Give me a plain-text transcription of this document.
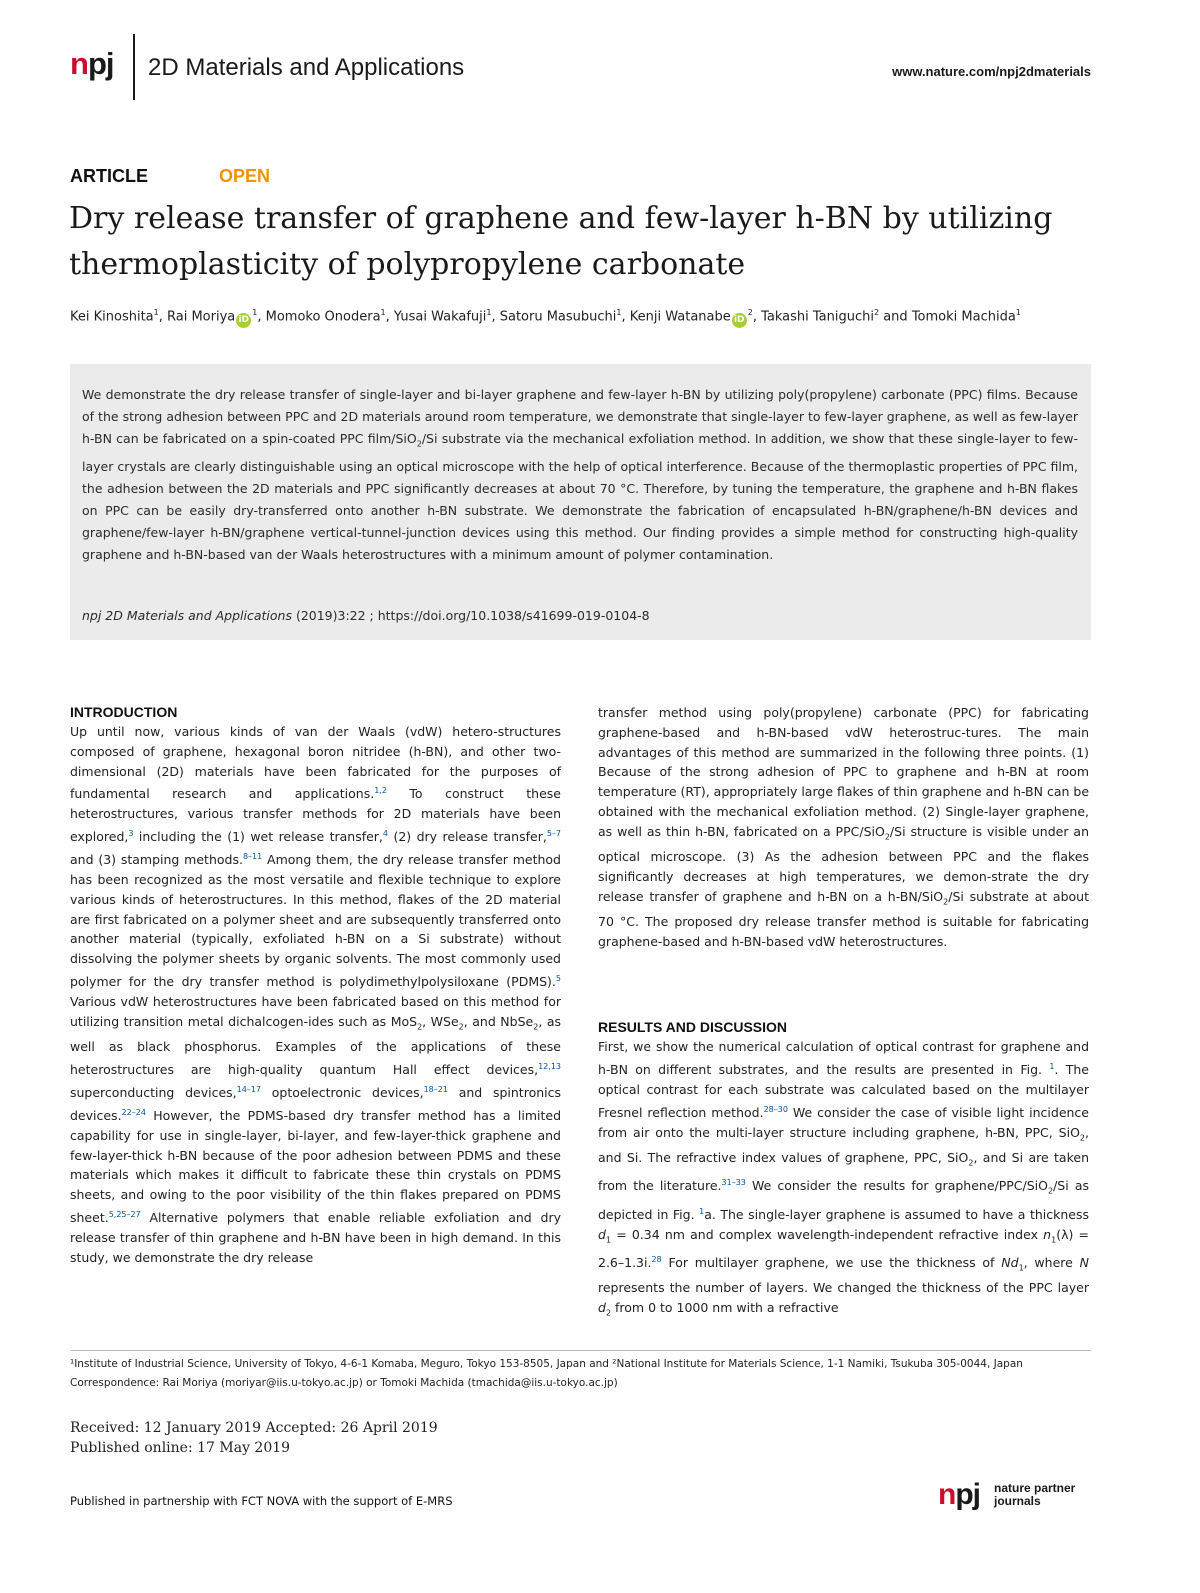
npj 2D Materials and Applications	www.nature.com/npj2dmaterials
ARTICLE	OPEN
Dry release transfer of graphene and few-layer h-BN by utilizing thermoplasticity of polypropylene carbonate
Kei Kinoshita$^1$, Rai Moriya $iD^1$, Momoko Onodera$^1$, Yusai Wakafuji$^1$, Satoru Masubuchi$^1$, Kenji Watanabe $iD^2$, Takashi Taniguchi$^2$ and Tomoki Machida$^1$

We demonstrate the dry release transfer of single-layer and bi-layer graphene and few-layer h-BN by utilizing poly(propylene) carbonate (PPC) films. Because of the strong adhesion between PPC and 2D materials around room temperature, we demonstrate that single-layer to few-layer graphene, as well as few-layer h-BN can be fabricated on a spin-coated PPC film/SiO$_2$/Si substrate via the mechanical exfoliation method. In addition, we show that these single-layer to few-layer crystals are clearly distinguishable using an optical microscope with the help of optical interference. Because of the thermoplastic properties of PPC film, the adhesion between the 2D materials and PPC significantly decreases at about 70 °C. Therefore, by tuning the temperature, the graphene and h-BN flakes on PPC can be easily dry-transferred onto another h-BN substrate. We demonstrate the fabrication of encapsulated h-BN/graphene/h-BN devices and graphene/few-layer h-BN/graphene vertical-tunnel-junction devices using this method. Our finding provides a simple method for constructing high-quality graphene and h-BN-based van der Waals heterostructures with a minimum amount of polymer contamination.

npj 2D Materials and Applications (2019)3:22 ; https://doi.org/10.1038/s41699-019-0104-8
INTRODUCTION

Up until now, various kinds of van der Waals (vdW) hetero-structures composed of graphene, hexagonal boron nitridee (h-BN), and other two-dimensional (2D) materials have been fabricated for the purposes of fundamental research and applications.$^{1,2}$ To construct these heterostructures, various transfer methods for 2D materials have been explored,$^3$ including the (1) wet release transfer,$^4$ (2) dry release transfer,$^{5-7}$ and (3) stamping methods.$^{8-11}$ Among them, the dry release transfer method has been recognized as the most versatile and flexible technique to explore various kinds of heterostructures. In this method, flakes of the 2D material are first fabricated on a polymer sheet and are subsequently transferred onto another material (typically, exfoliated h-BN on a Si substrate) without dissolving the polymer sheets by organic solvents. The most commonly used polymer for the dry transfer method is polydimethylpolysiloxane (PDMS).$^5$ Various vdW heterostructures have been fabricated based on this method for utilizing transition metal dichalcogen-ides such as MoS$_2$, WSe$_2$, and NbSe$_2$, as well as black phosphorus. Examples of the applications of these heterostructures are high-quality quantum Hall effect devices,$^{12,13}$ superconducting devices,$^{14-17}$ optoelectronic devices,$^{18-21}$ and spintronics devices.$^{22-24}$ However, the PDMS-based dry transfer method has a limited capability for use in single-layer, bi-layer, and few-layer-thick graphene and few-layer-thick h-BN because of the poor adhesion between PDMS and these materials which makes it difficult to fabricate these thin crystals on PDMS sheets, and owing to the poor visibility of the thin flakes prepared on PDMS sheet.$^{5,25-27}$ Alternative polymers that enable reliable exfoliation and dry release transfer of thin graphene and h-BN have been in high demand. In this study, we demonstrate the dry release

transfer method using poly(propylene) carbonate (PPC) for fabricating graphene-based and h-BN-based vdW heterostruc-tures. The main advantages of this method are summarized in the following three points. (1) Because of the strong adhesion of PPC to graphene and h-BN at room temperature (RT), appropriately large flakes of thin graphene and h-BN can be obtained with the mechanical exfoliation method. (2) Single-layer graphene, as well as thin h-BN, fabricated on a PPC/SiO$_2$/Si structure is visible under an optical microscope. (3) As the adhesion between PPC and the flakes significantly decreases at high temperatures, we demon-strate the dry release transfer of graphene and h-BN on a h-BN/SiO$_2$/Si substrate at about 70 °C. The proposed dry release transfer method is suitable for fabricating graphene-based and h-BN-based vdW heterostructures.

RESULTS AND DISCUSSION

First, we show the numerical calculation of optical contrast for graphene and h-BN on different substrates, and the results are presented in Fig. $^1$. The optical contrast for each substrate was calculated based on the multilayer Fresnel reflection method.$^{28-30}$ We consider the case of visible light incidence from air onto the multi-layer structure including graphene, h-BN, PPC, SiO$_2$, and Si. The refractive index values of graphene, PPC, SiO$_2$, and Si are taken from the literature.$^{31-33}$ We consider the results for graphene/PPC/SiO$_2$/Si as depicted in Fig. $^1$a. The single-layer graphene is assumed to have a thickness $d_1 = 0.34$ nm and complex wavelength-independent refractive index $n_1(\lambda) = 2.6-1.3i.^{28}$ For multilayer graphene, we use the thickness of $Nd_1$, where N represents the number of layers. We changed the thickness of the PPC layer $d_2$ from 0 to 1000 nm with a refractive

¹Institute of Industrial Science, University of Tokyo, 4-6-1 Komaba, Meguro, Tokyo 153-8505, Japan and ²National Institute for Materials Science, 1-1 Namiki, Tsukuba 305-0044, Japan
Correspondence: Rai Moriya (moriyar@iis.u-tokyo.ac.jp) or Tomoki Machida (tmachida@iis.u-tokyo.ac.jp)
Received: 12 January 2019 Accepted: 26 April 2019
Published online: 17 May 2019
Published in partnership with FCT NOVA with the support of E-MRS	npj nature partner
journals
